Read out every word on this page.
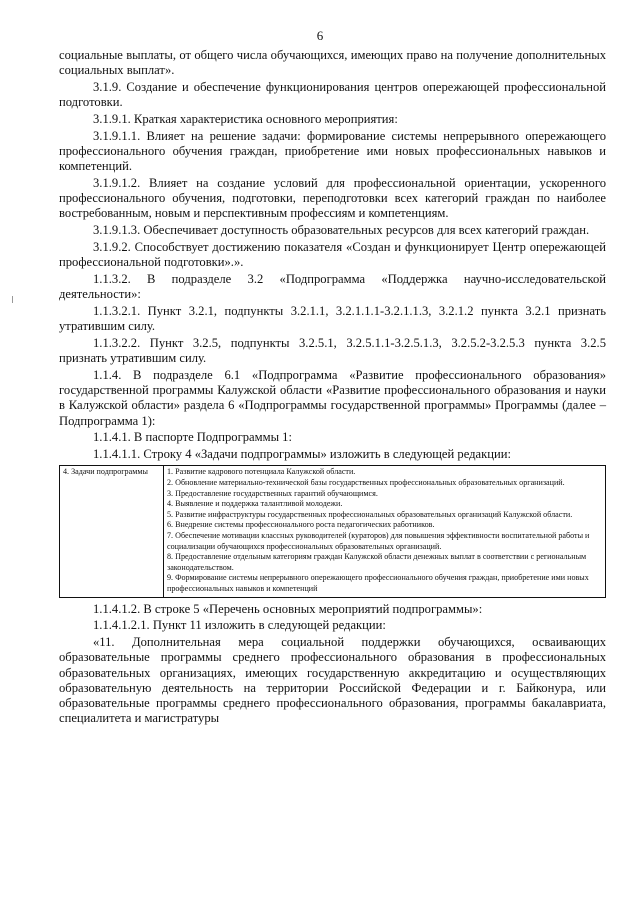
6

социальные выплаты, от общего числа обучающихся, имеющих право на получение дополнительных социальных выплат».

3.1.9. Создание и обеспечение функционирования центров опережающей профессиональной подготовки.

3.1.9.1. Краткая характеристика основного мероприятия:

3.1.9.1.1. Влияет на решение задачи: формирование системы непрерывного опережающего профессионального обучения граждан, приобретение ими новых профессиональных навыков и компетенций.

3.1.9.1.2. Влияет на создание условий для профессиональной ориентации, ускоренного профессионального обучения, подготовки, переподготовки всех категорий граждан по наиболее востребованным, новым и перспективным профессиям и компетенциям.

3.1.9.1.3. Обеспечивает доступность образовательных ресурсов для всех категорий граждан.

3.1.9.2. Способствует достижению показателя «Создан и функционирует Центр опережающей профессиональной подготовки».».

1.1.3.2. В подразделе 3.2 «Подпрограмма «Поддержка научно-исследовательской деятельности»:

1.1.3.2.1. Пункт 3.2.1, подпункты 3.2.1.1, 3.2.1.1.1-3.2.1.1.3, 3.2.1.2 пункта 3.2.1 признать утратившим силу.

1.1.3.2.2. Пункт 3.2.5, подпункты 3.2.5.1, 3.2.5.1.1-3.2.5.1.3, 3.2.5.2-3.2.5.3 пункта 3.2.5 признать утратившим силу.

1.1.4. В подразделе 6.1 «Подпрограмма «Развитие профессионального образования» государственной программы Калужской области «Развитие профессионального образования и науки в Калужской области» раздела 6 «Подпрограммы государственной программы» Программы (далее – Подпрограмма 1):

1.1.4.1. В паспорте Подпрограммы 1:

1.1.4.1.1. Строку 4 «Задачи подпрограммы» изложить в следующей редакции:

4. Задачи подпрограммы	1. Развитие кадрового потенциала Калужской области.
2. Обновление материально-технической базы государственных профессиональных образовательных организаций.
3. Предоставление государственных гарантий обучающимся.
4. Выявление и поддержка талантливой молодежи.
5. Развитие инфраструктуры государственных профессиональных образовательных организаций Калужской области.
6. Внедрение системы профессионального роста педагогических работников.
7. Обеспечение мотивации классных руководителей (кураторов) для повышения эффективности воспитательной работы и социализации обучающихся профессиональных образовательных организаций.
8. Предоставление отдельным категориям граждан Калужской области денежных выплат в соответствии с региональным законодательством.
9. Формирование системы непрерывного опережающего профессионального обучения граждан, приобретение ими новых профессиональных навыков и компетенций

1.1.4.1.2. В строке 5 «Перечень основных мероприятий подпрограммы»:

1.1.4.1.2.1. Пункт 11 изложить в следующей редакции:

«11. Дополнительная мера социальной поддержки обучающихся, осваивающих образовательные программы среднего профессионального образования в профессиональных образовательных организациях, имеющих государственную аккредитацию и осуществляющих образовательную деятельность на территории Российской Федерации и г. Байконура, или образовательные программы среднего профессионального образования, программы бакалавриата, специалитета и магистратуры
